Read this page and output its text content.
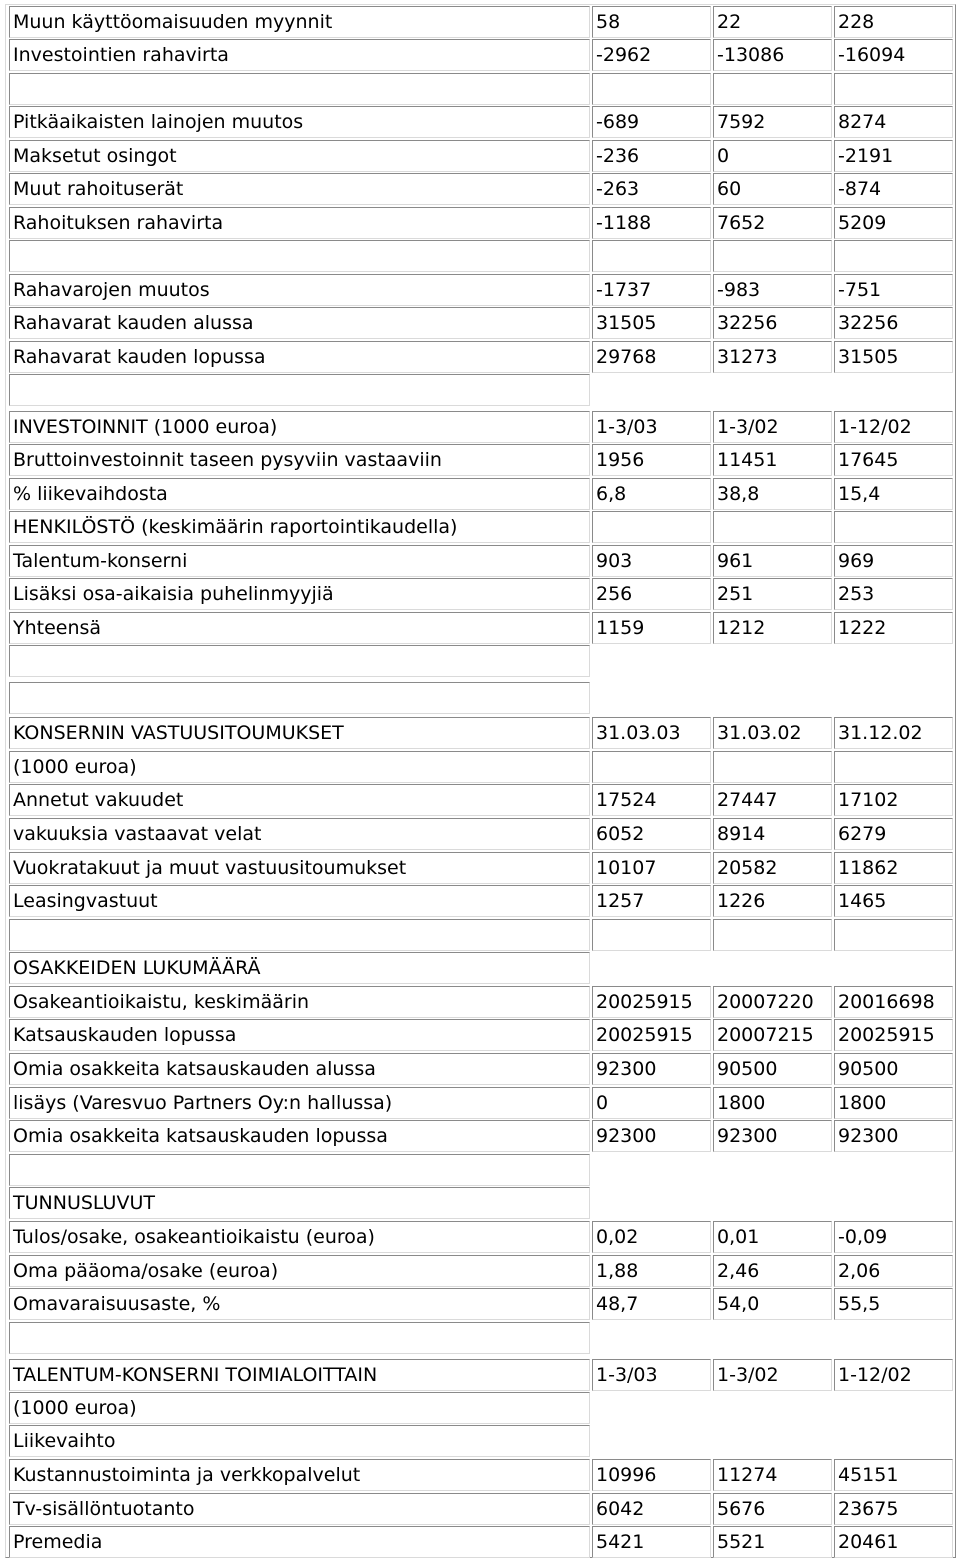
Muun käyttöomaisuuden myynnit	58	22	228
Investointien rahavirta	-2962	-13086	-16094
Pitkäaikaisten lainojen muutos	-689	7592	8274
Maksetut osingot	-236	0	-2191
Muut rahoituserät	-263	60	-874
Rahoituksen rahavirta	-1188	7652	5209
Rahavarojen muutos	-1737	-983	-751
Rahavarat kauden alussa	31505	32256	32256
Rahavarat kauden lopussa	29768	31273	31505
INVESTOINNIT (1000 euroa)	1-3/03	1-3/02	1-12/02
Bruttoinvestoinnit taseen pysyviin vastaaviin	1956	11451	17645
% liikevaihdosta	6,8	38,8	15,4
HENKILÖSTÖ (keskimäärin raportointikaudella)
Talentum-konserni	903	961	969
Lisäksi osa-aikaisia puhelinmyyjiä	256	251	253
Yhteensä	1159	1212	1222
KONSERNIN VASTUUSITOUMUKSET	31.03.03	31.03.02	31.12.02
(1000 euroa)
Annetut vakuudet	17524	27447	17102
vakuuksia vastaavat velat	6052	8914	6279
Vuokratakuut ja muut vastuusitoumukset	10107	20582	11862
Leasingvastuut	1257	1226	1465
OSAKKEIDEN LUKUMÄÄRÄ
Osakeantioikaistu, keskimäärin	20025915	20007220	20016698
Katsauskauden lopussa	20025915	20007215	20025915
Omia osakkeita katsauskauden alussa	92300	90500	90500
lisäys (Varesvuo Partners Oy:n hallussa)	0	1800	1800
Omia osakkeita katsauskauden lopussa	92300	92300	92300
TUNNUSLUVUT
Tulos/osake, osakeantioikaistu (euroa)	0,02	0,01	-0,09
Oma pääoma/osake (euroa)	1,88	2,46	2,06
Omavaraisuusaste, %	48,7	54,0	55,5
TALENTUM-KONSERNI TOIMIALOITTAIN	1-3/03	1-3/02	1-12/02
(1000 euroa)
Liikevaihto
Kustannustoiminta ja verkkopalvelut	10996	11274	45151
Tv-sisällöntuotanto	6042	5676	23675
Premedia	5421	5521	20461
